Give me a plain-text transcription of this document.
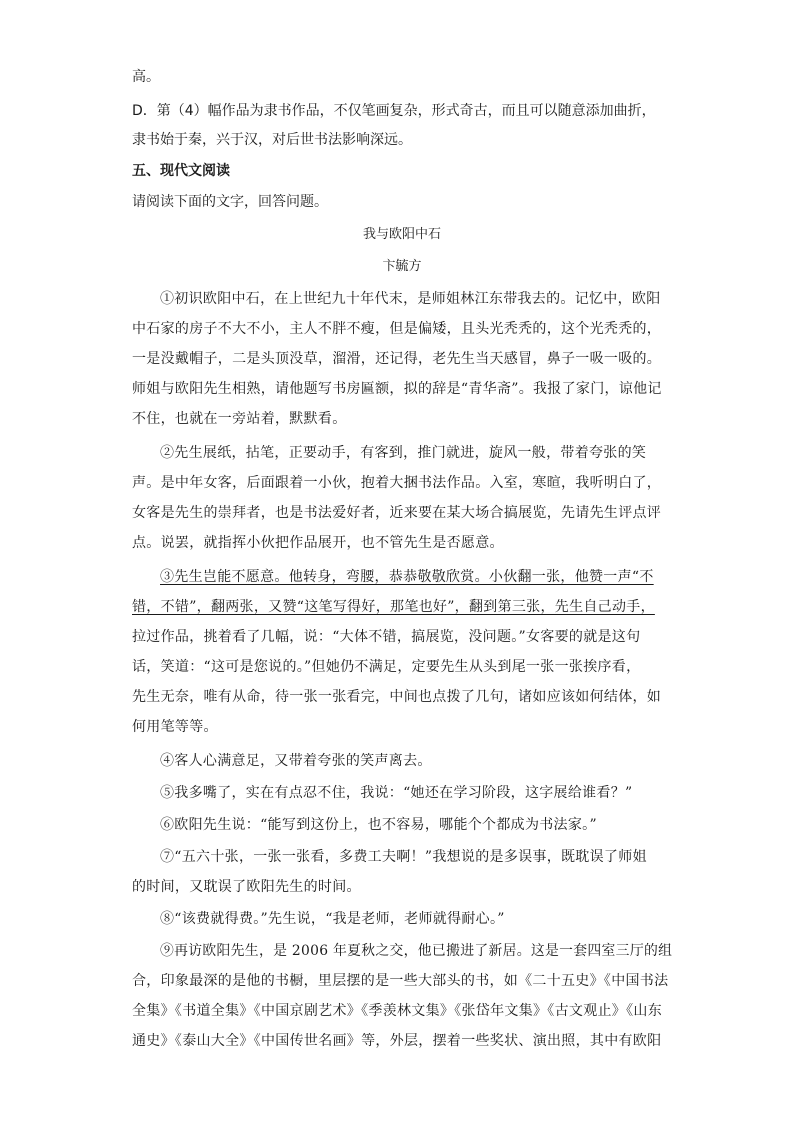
高。
D．第（4）幅作品为隶书作品，不仅笔画复杂，形式奇古，而且可以随意添加曲折，
隶书始于秦，兴于汉，对后世书法影响深远。
五、现代文阅读
请阅读下面的文字，回答问题。
我与欧阳中石
卞毓方
①初识欧阳中石，在上世纪九十年代末，是师姐林江东带我去的。记忆中，欧阳
中石家的房子不大不小，主人不胖不瘦，但是偏矮，且头光秃秃的，这个光秃秃的，
一是没戴帽子，二是头顶没草，溜滑，还记得，老先生当天感冒，鼻子一吸一吸的。
师姐与欧阳先生相熟，请他题写书房匾额，拟的辞是“青华斋”。我报了家门，谅他记
不住，也就在一旁站着，默默看。
②先生展纸，拈笔，正要动手，有客到，推门就进，旋风一般，带着夸张的笑
声。是中年女客，后面跟着一小伙，抱着大捆书法作品。入室，寒暄，我听明白了，
女客是先生的崇拜者，也是书法爱好者，近来要在某大场合搞展览，先请先生评点评
点。说罢，就指挥小伙把作品展开，也不管先生是否愿意。
③先生岂能不愿意。他转身，弯腰，恭恭敬敬欣赏。小伙翻一张，他赞一声“不
错，不错”，翻两张，又赞“这笔写得好，那笔也好”，翻到第三张，先生自己动手，
拉过作品，挑着看了几幅，说：“大体不错，搞展览，没问题。”女客要的就是这句
话，笑道：“这可是您说的。”但她仍不满足，定要先生从头到尾一张一张挨序看，
先生无奈，唯有从命，待一张一张看完，中间也点拨了几句，诸如应该如何结体，如
何用笔等等。
④客人心满意足，又带着夸张的笑声离去。
⑤我多嘴了，实在有点忍不住，我说：“她还在学习阶段，这字展给谁看？”
⑥欧阳先生说：“能写到这份上，也不容易，哪能个个都成为书法家。”
⑦“五六十张，一张一张看，多费工夫啊！”我想说的是多误事，既耽误了师姐
的时间，又耽误了欧阳先生的时间。
⑧“该费就得费。”先生说，“我是老师，老师就得耐心。”
⑨再访欧阳先生，是 2006 年夏秋之交，他已搬进了新居。这是一套四室三厅的组
合，印象最深的是他的书橱，里层摆的是一些大部头的书，如《二十五史》《中国书法
全集》《书道全集》《中国京剧艺术》《季羡林文集》《张岱年文集》《古文观止》《山东
通史》《泰山大全》《中国传世名画》等，外层，摆着一些奖状、演出照，其中有欧阳
